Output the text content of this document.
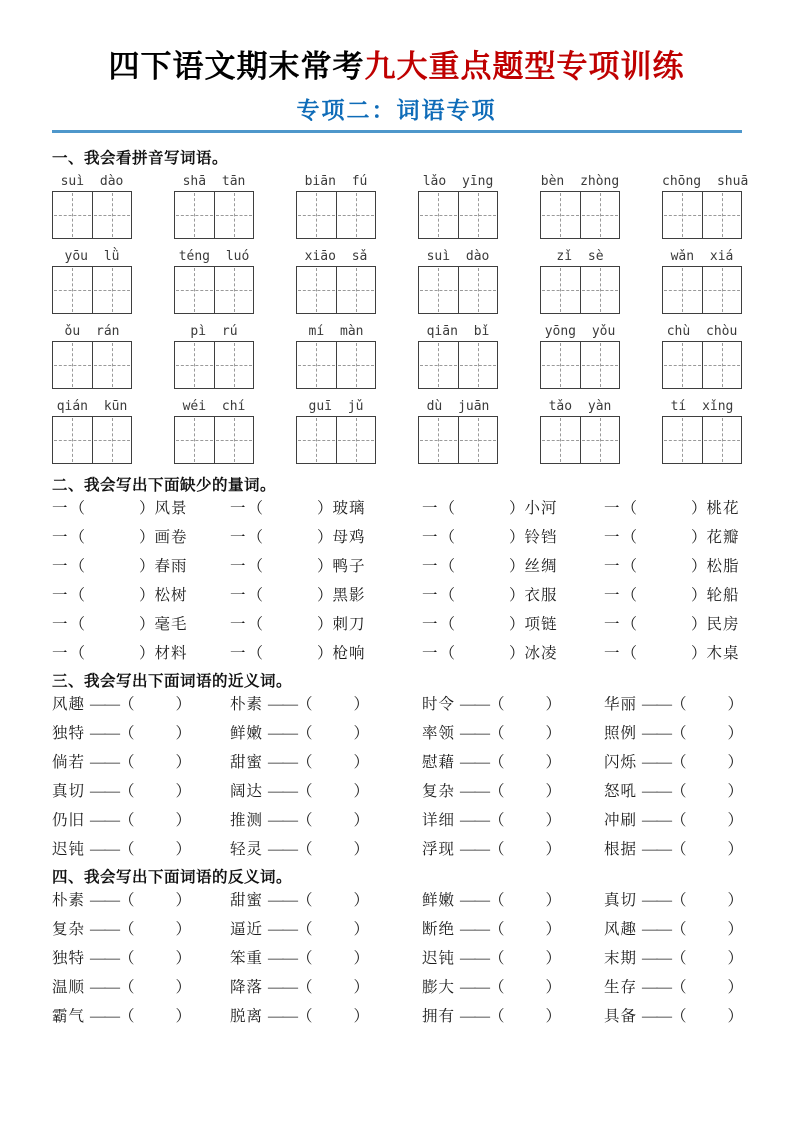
四下语文期末常考九大重点题型专项训练
专项二：词语专项
一、我会看拼音写词语。
suì dào	shā tān	biān fú	lǎo yīng	bèn zhòng	chōng shuā
yōu lǜ	téng luó	xiāo sǎ	suì dào	zǐ sè	wǎn xiá
ǒu rán	pì rú	mí màn	qiān bǐ	yōng yǒu	chù chòu
qián kūn	wéi chí	guī jǔ	dù juān	tǎo yàn	tí xǐng
二、我会写出下面缺少的量词。
一（	）风景	一（	）玻璃	一（	）小河	一（	）桃花
一（	）画卷	一（	）母鸡	一（	）铃铛	一（	）花瓣
一（	）春雨	一（	）鸭子	一（	）丝绸	一（	）松脂
一（	）松树	一（	）黑影	一（	）衣服	一（	）轮船
一（	）毫毛	一（	）刺刀	一（	）项链	一（	）民房
一（	）材料	一（	）枪响	一（	）冰凌	一（	）木桌
三、我会写出下面词语的近义词。
风趣 ——（	）	朴素 ——（	）	时令 ——（	）	华丽 ——（	）
独特 ——（	）	鲜嫩 ——（	）	率领 ——（	）	照例 ——（	）
倘若 ——（	）	甜蜜 ——（	）	慰藉 ——（	）	闪烁 ——（	）
真切 ——（	）	阔达 ——（	）	复杂 ——（	）	怒吼 ——（	）
仍旧 ——（	）	推测 ——（	）	详细 ——（	）	冲刷 ——（	）
迟钝 ——（	）	轻灵 ——（	）	浮现 ——（	）	根据 ——（	）
四、我会写出下面词语的反义词。
朴素 ——（	）	甜蜜 ——（	）	鲜嫩 ——（	）	真切 ——（	）
复杂 ——（	）	逼近 ——（	）	断绝 ——（	）	风趣 ——（	）
独特 ——（	）	笨重 ——（	）	迟钝 ——（	）	末期 ——（	）
温顺 ——（	）	降落 ——（	）	膨大 ——（	）	生存 ——（	）
霸气 ——（	）	脱离 ——（	）	拥有 ——（	）	具备 ——（	）
